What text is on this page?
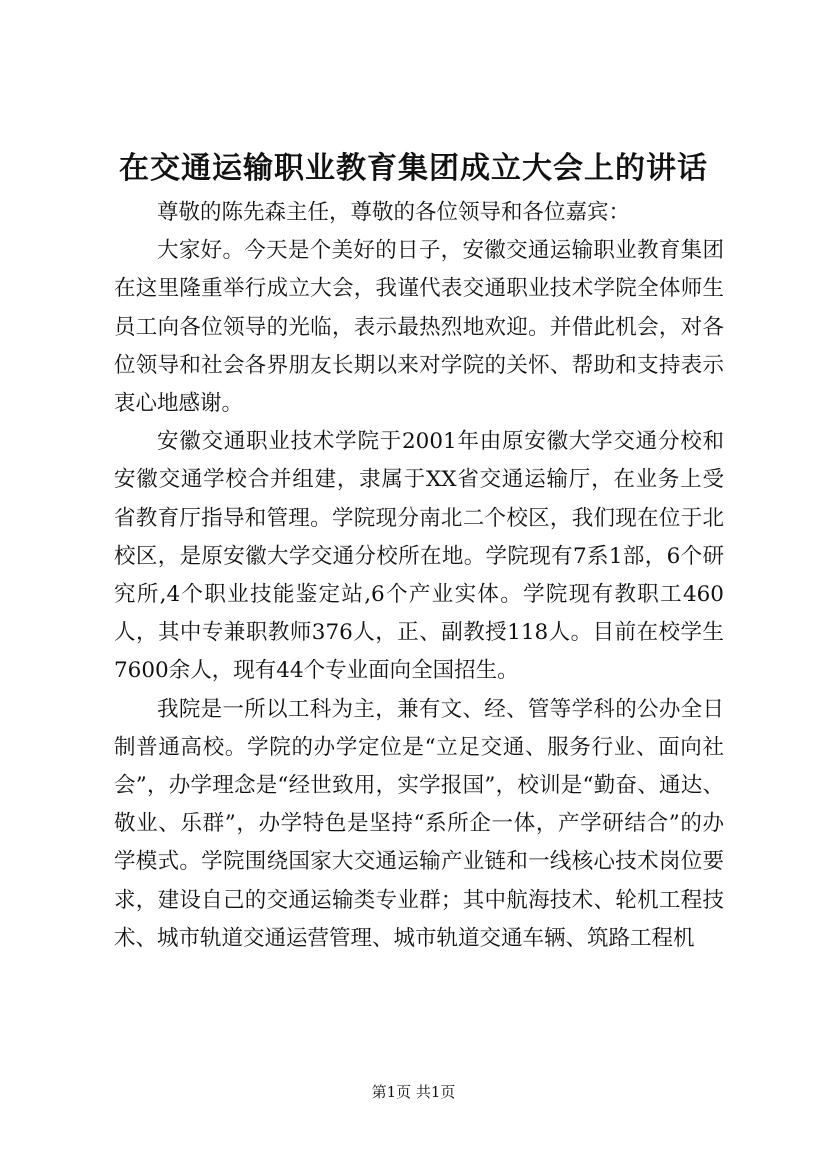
在交通运输职业教育集团成立大会上的讲话

尊敬的陈先森主任，尊敬的各位领导和各位嘉宾：

大家好。今天是个美好的日子，安徽交通运输职业教育集团在这里隆重举行成立大会，我谨代表交通职业技术学院全体师生员工向各位领导的光临，表示最热烈地欢迎。并借此机会，对各位领导和社会各界朋友长期以来对学院的关怀、帮助和支持表示衷心地感谢。

安徽交通职业技术学院于2001年由原安徽大学交通分校和安徽交通学校合并组建，隶属于XX省交通运输厅，在业务上受省教育厅指导和管理。学院现分南北二个校区，我们现在位于北校区，是原安徽大学交通分校所在地。学院现有7系1部，6个研究所,4个职业技能鉴定站,6个产业实体。学院现有教职工460人，其中专兼职教师376人，正、副教授118人。目前在校学生7600余人，现有44个专业面向全国招生。

我院是一所以工科为主，兼有文、经、管等学科的公办全日制普通高校。学院的办学定位是“立足交通、服务行业、面向社会”，办学理念是“经世致用，实学报国”，校训是“勤奋、通达、敬业、乐群”，办学特色是坚持“系所企一体，产学研结合”的办学模式。学院围绕国家大交通运输产业链和一线核心技术岗位要求，建设自己的交通运输类专业群；其中航海技术、轮机工程技术、城市轨道交通运营管理、城市轨道交通车辆、筑路工程机

第1页 共1页
